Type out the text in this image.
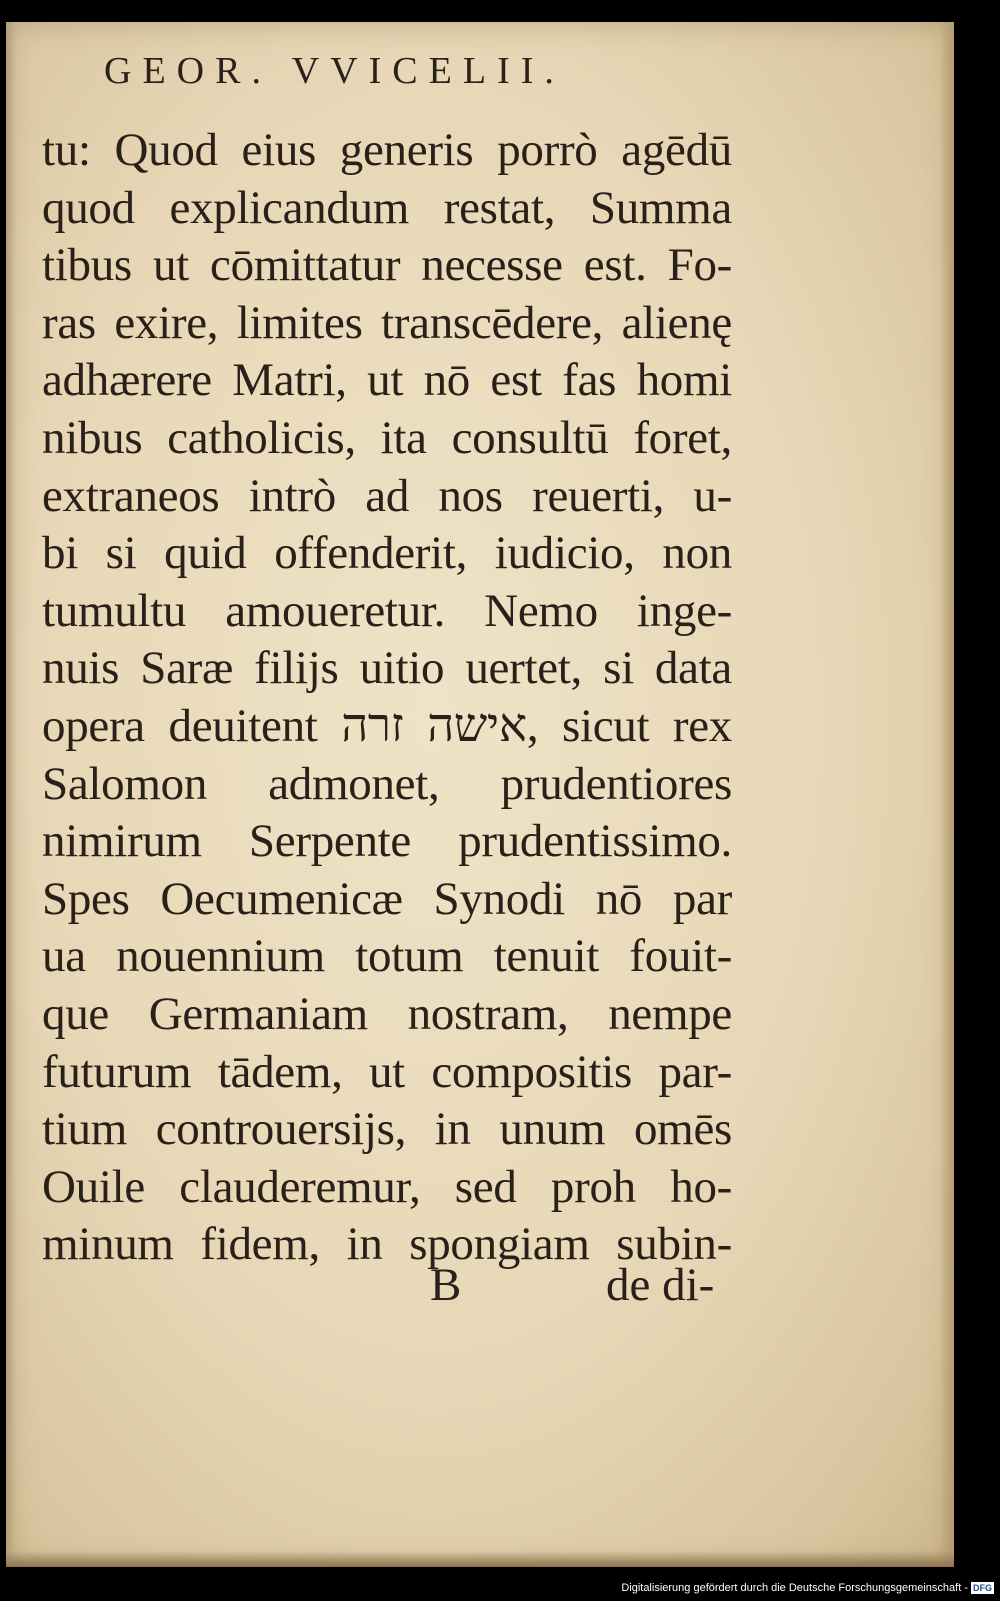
GEOR. VVICELII.
tu: Quod eius generis porrò agēdū
quod explicandum restat, Summa
tibus ut cōmittatur necesse est. Fo-
ras exire, limites transcēdere, alienę
adhærere Matri, ut nō est fas homi
nibus catholicis, ita consultū foret,
extraneos intrò ad nos reuerti, u-
bi si quid offenderit, iudicio, non
tumultu amoueretur. Nemo inge-
nuis Saræ filijs uitio uertet, si data
opera deuitent אישה זרה, sicut rex
Salomon admonet, prudentiores
nimirum Serpente prudentissimo.
Spes Oecumenicæ Synodi nō par
ua nouennium totum tenuit fouit-
que Germaniam nostram, nempe
futurum tādem, ut compositis par-
tium controuersijs, in unum omēs
Ouile clauderemur, sed proh ho-
minum fidem, in spongiam subin-
B	de di-
Digitalisierung gefördert durch die Deutsche Forschungsgemeinschaft - DFG
